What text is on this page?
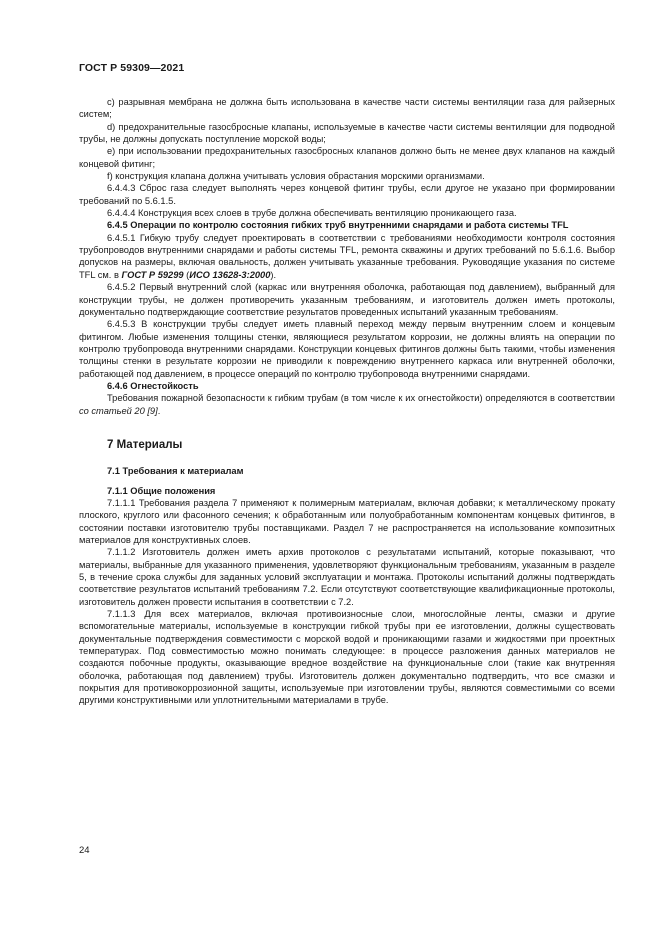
ГОСТ Р 59309—2021

с) разрывная мембрана не должна быть использована в качестве части системы вентиляции газа для райзерных систем;

d) предохранительные газосбросные клапаны, используемые в качестве части системы вентиляции для подводной трубы, не должны допускать поступление морской воды;

е) при использовании предохранительных газосбросных клапанов должно быть не менее двух клапанов на каждый концевой фитинг;

f) конструкция клапана должна учитывать условия обрастания морскими организмами.

6.4.4.3 Сброс газа следует выполнять через концевой фитинг трубы, если другое не указано при формировании требований по 5.6.1.5.

6.4.4.4 Конструкция всех слоев в трубе должна обеспечивать вентиляцию проникающего газа.

6.4.5 Операции по контролю состояния гибких труб внутренними снарядами и работа системы TFL

6.4.5.1 Гибкую трубу следует проектировать в соответствии с требованиями необходимости контроля состояния трубопроводов внутренними снарядами и работы системы TFL, ремонта скважины и других требований по 5.6.1.6. Выбор допусков на размеры, включая овальность, должен учитывать указанные требования. Руководящие указания по системе TFL см. в ГОСТ Р 59299 (ИСО 13628-3:2000).

6.4.5.2 Первый внутренний слой (каркас или внутренняя оболочка, работающая под давлением), выбранный для конструкции трубы, не должен противоречить указанным требованиям, и изготовитель должен иметь протоколы, документально подтверждающие соответствие результатов проведенных испытаний указанным требованиям.

6.4.5.3 В конструкции трубы следует иметь плавный переход между первым внутренним слоем и концевым фитингом. Любые изменения толщины стенки, являющиеся результатом коррозии, не должны влиять на операции по контролю трубопровода внутренними снарядами. Конструкции концевых фитингов должны быть такими, чтобы изменения толщины стенки в результате коррозии не приводили к повреждению внутреннего каркаса или внутренней оболочки, работающей под давлением, в процессе операций по контролю трубопровода внутренними снарядами.

6.4.6 Огнестойкость

Требования пожарной безопасности к гибким трубам (в том числе к их огнестойкости) определяются в соответствии со статьей 20 [9].

7 Материалы

7.1 Требования к материалам

7.1.1 Общие положения

7.1.1.1 Требования раздела 7 применяют к полимерным материалам, включая добавки; к металлическому прокату плоского, круглого или фасонного сечения; к обработанным или полуобработанным компонентам концевых фитингов, в состоянии поставки изготовителю трубы поставщиками. Раздел 7 не распространяется на использование композитных материалов для конструктивных слоев.

7.1.1.2 Изготовитель должен иметь архив протоколов с результатами испытаний, которые показывают, что материалы, выбранные для указанного применения, удовлетворяют функциональным требованиям, указанным в разделе 5, в течение срока службы для заданных условий эксплуатации и монтажа. Протоколы испытаний должны подтверждать соответствие результатов испытаний требованиям 7.2. Если отсутствуют соответствующие квалификационные протоколы, изготовитель должен провести испытания в соответствии с 7.2.

7.1.1.3 Для всех материалов, включая противоизносные слои, многослойные ленты, смазки и другие вспомогательные материалы, используемые в конструкции гибкой трубы при ее изготовлении, должны существовать документальные подтверждения совместимости с морской водой и проникающими газами и жидкостями при проектных температурах. Под совместимостью можно понимать следующее: в процессе разложения данных материалов не создаются побочные продукты, оказывающие вредное воздействие на функциональные слои (такие как внутренняя оболочка, работающая под давлением) трубы. Изготовитель должен документально подтвердить, что все смазки и покрытия для противокоррозионной защиты, используемые при изготовлении трубы, являются совместимыми со всеми другими конструктивными или уплотнительными материалами в трубе.

24
